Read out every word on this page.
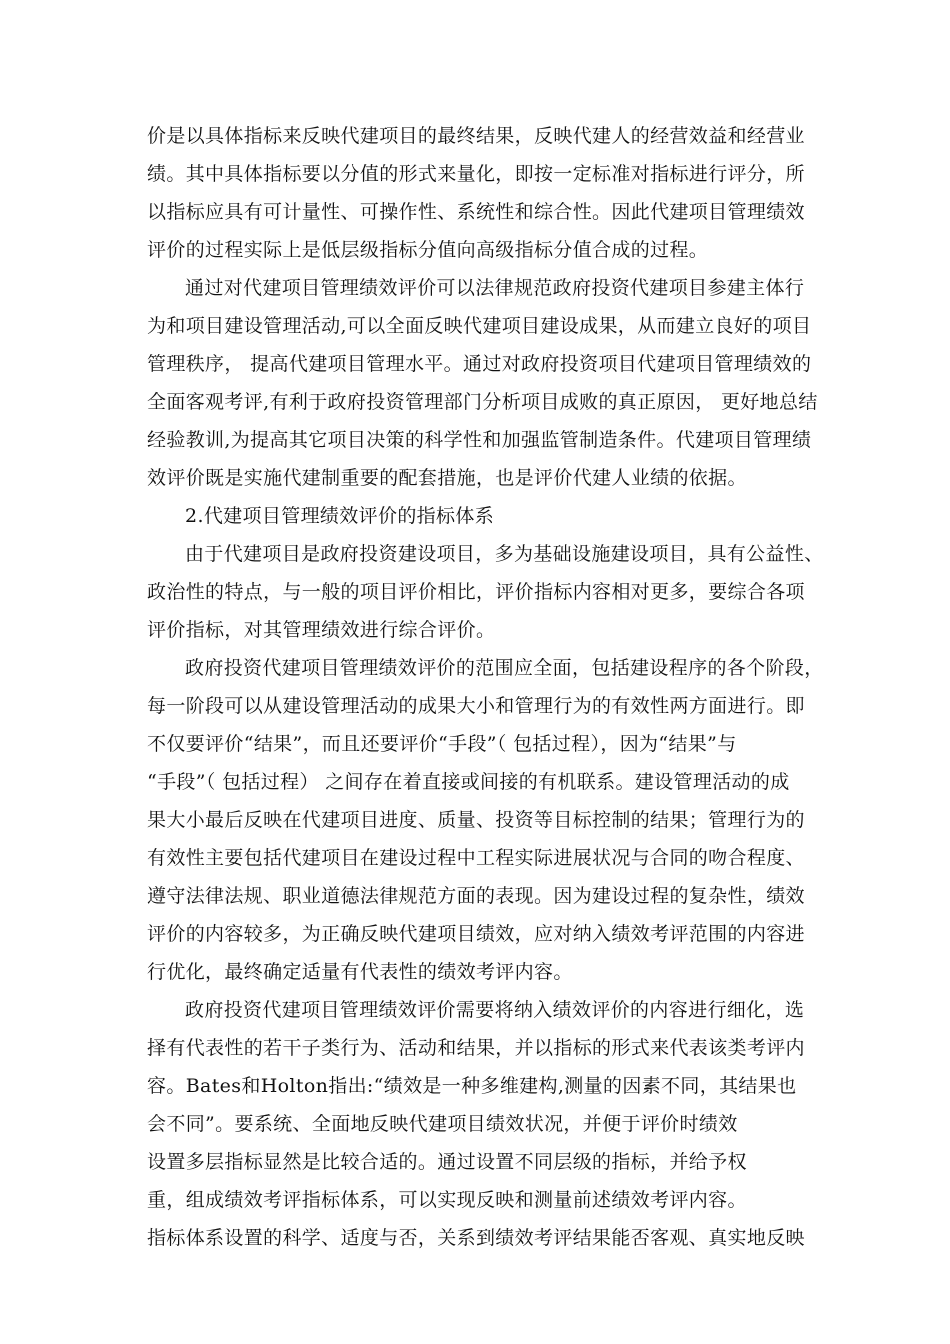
价是以具体指标来反映代建项目的最终结果，反映代建人的经营效益和经营业
绩。其中具体指标要以分值的形式来量化，即按一定标准对指标进行评分，所
以指标应具有可计量性、可操作性、系统性和综合性。因此代建项目管理绩效
评价的过程实际上是低层级指标分值向高级指标分值合成的过程。
通过对代建项目管理绩效评价可以法律规范政府投资代建项目参建主体行
为和项目建设管理活动,可以全面反映代建项目建设成果，从而建立良好的项目
管理秩序， 提高代建项目管理水平。通过对政府投资项目代建项目管理绩效的
全面客观考评,有利于政府投资管理部门分析项目成败的真正原因， 更好地总结
经验教训,为提高其它项目决策的科学性和加强监管制造条件。代建项目管理绩
效评价既是实施代建制重要的配套措施，也是评价代建人业绩的依据。
2.代建项目管理绩效评价的指标体系
由于代建项目是政府投资建设项目，多为基础设施建设项目，具有公益性、
政治性的特点，与一般的项目评价相比，评价指标内容相对更多，要综合各项
评价指标，对其管理绩效进行综合评价。
政府投资代建项目管理绩效评价的范围应全面，包括建设程序的各个阶段，
每一阶段可以从建设管理活动的成果大小和管理行为的有效性两方面进行。即
不仅要评价“结果”，而且还要评价“手段”（ 包括过程），因为“结果”与
“手段”（ 包括过程） 之间存在着直接或间接的有机联系。建设管理活动的成
果大小最后反映在代建项目进度、质量、投资等目标控制的结果；管理行为的
有效性主要包括代建项目在建设过程中工程实际进展状况与合同的吻合程度、
遵守法律法规、职业道德法律规范方面的表现。因为建设过程的复杂性，绩效
评价的内容较多，为正确反映代建项目绩效，应对纳入绩效考评范围的内容进
行优化，最终确定适量有代表性的绩效考评内容。
政府投资代建项目管理绩效评价需要将纳入绩效评价的内容进行细化，选
择有代表性的若干子类行为、活动和结果，并以指标的形式来代表该类考评内
容。Bates和Holton指出:“绩效是一种多维建构,测量的因素不同，其结果也
会不同”。要系统、全面地反映代建项目绩效状况，并便于评价时绩效
设置多层指标显然是比较合适的。通过设置不同层级的指标，并给予权
重，组成绩效考评指标体系，可以实现反映和测量前述绩效考评内容。
指标体系设置的科学、适度与否，关系到绩效考评结果能否客观、真实地反映
